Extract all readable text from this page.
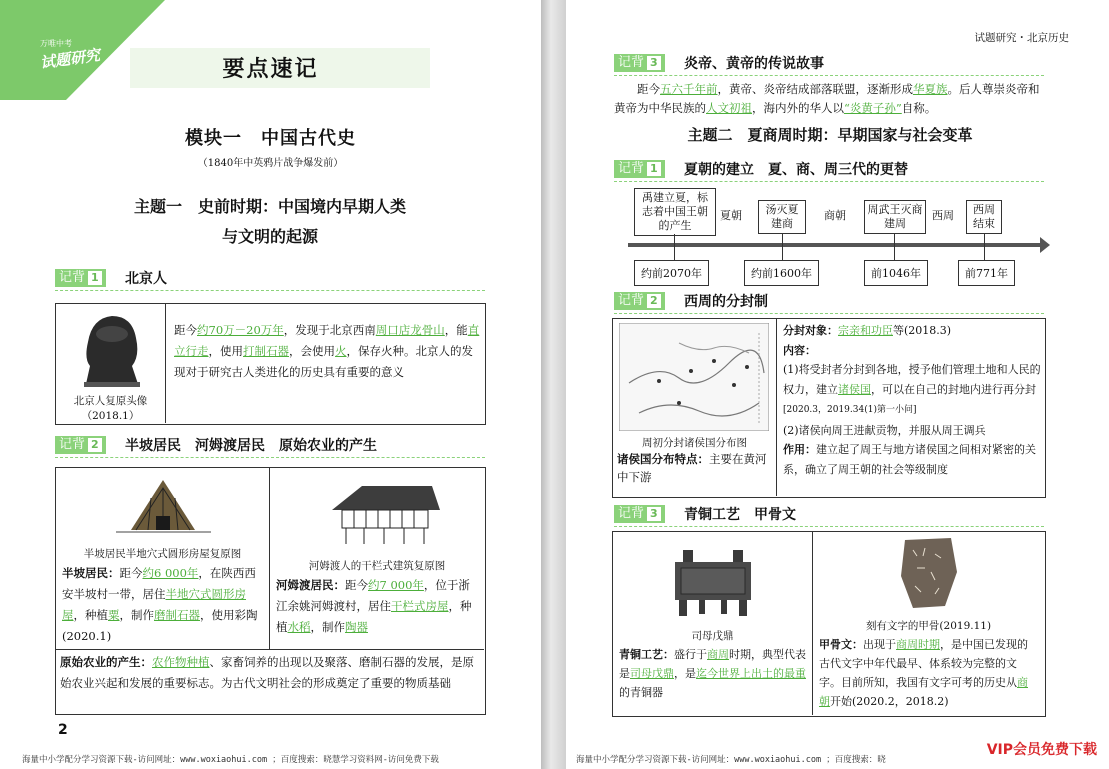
万唯中考
试题研究	要点速记
模块一　中国古代史
（1840年中英鸦片战争爆发前）
主题一　史前时期：中国境内早期人类
与文明的起源
记背 1 北京人
北京人复原头像
（2018.1）
距今约70万－20万年，发现于北京西南周口店龙骨山，能直立行走，使用打制石器，会使用火，保存火种。北京人的发现对于研究古人类进化的历史具有重要的意义
记背 2 半坡居民　河姆渡居民　原始农业的产生
半坡居民半地穴式圆形房屋复原图
半坡居民：距今约6 000年，在陕西西安半坡村一带，居住半地穴式圆形房屋，种植粟，制作磨制石器，使用彩陶(2020.1)
河姆渡人的干栏式建筑复原图
河姆渡居民：距今约7 000年，位于浙江余姚河姆渡村，居住干栏式房屋，种植水稻，制作陶器
原始农业的产生：农作物种植、家畜饲养的出现以及聚落、磨制石器的发展，是原始农业兴起和发展的重要标志。为古代文明社会的形成奠定了重要的物质基础
2
海量中小学配分学习资源下载-访问网址：www.woxiaohui.com ；百度搜索：晓慧学习资料网-访问免费下载
试题研究・北京历史
记背 3 炎帝、黄帝的传说故事
距今五六千年前，黄帝、炎帝结成部落联盟，逐渐形成华夏族。后人尊崇炎帝和黄帝为中华民族的人文初祖，海内外的华人以“炎黄子孙”自称。
主题二　夏商周时期：早期国家与社会变革
记背 1 夏朝的建立　夏、商、周三代的更替
禹建立夏，标志着中国王朝的产生
汤灭夏建商
周武王灭商建周
西周结束
夏朝	商朝	西周
约前2070年	约前1600年	前1046年	前771年
记背 2 西周的分封制
周初分封诸侯国分布图
诸侯国分布特点：主要在黄河中下游
分封对象：宗亲和功臣等(2018.3)
内容：
(1)将受封者分封到各地，授予他们管理土地和人民的权力，建立诸侯国，可以在自己的封地内进行再分封[2020.3，2019.34(1)第一小问]
(2)诸侯向周王进献贡物，并服从周王调兵
作用：建立起了周王与地方诸侯国之间相对紧密的关系，确立了周王朝的社会等级制度
记背 3 青铜工艺　甲骨文
司母戊鼎
青铜工艺：盛行于商周时期，典型代表是司母戊鼎，是迄今世界上出土的最重的青铜器
刻有文字的甲骨(2019.11)
甲骨文：出现于商周时期，是中国已发现的古代文字中年代最早、体系较为完整的文字。目前所知，我国有文字可考的历史从商朝开始(2020.2，2018.2)
海量中小学配分学习资源下载-访问网址：www.woxiaohui.com ；百度搜索：晓
VIP会员免费下载
